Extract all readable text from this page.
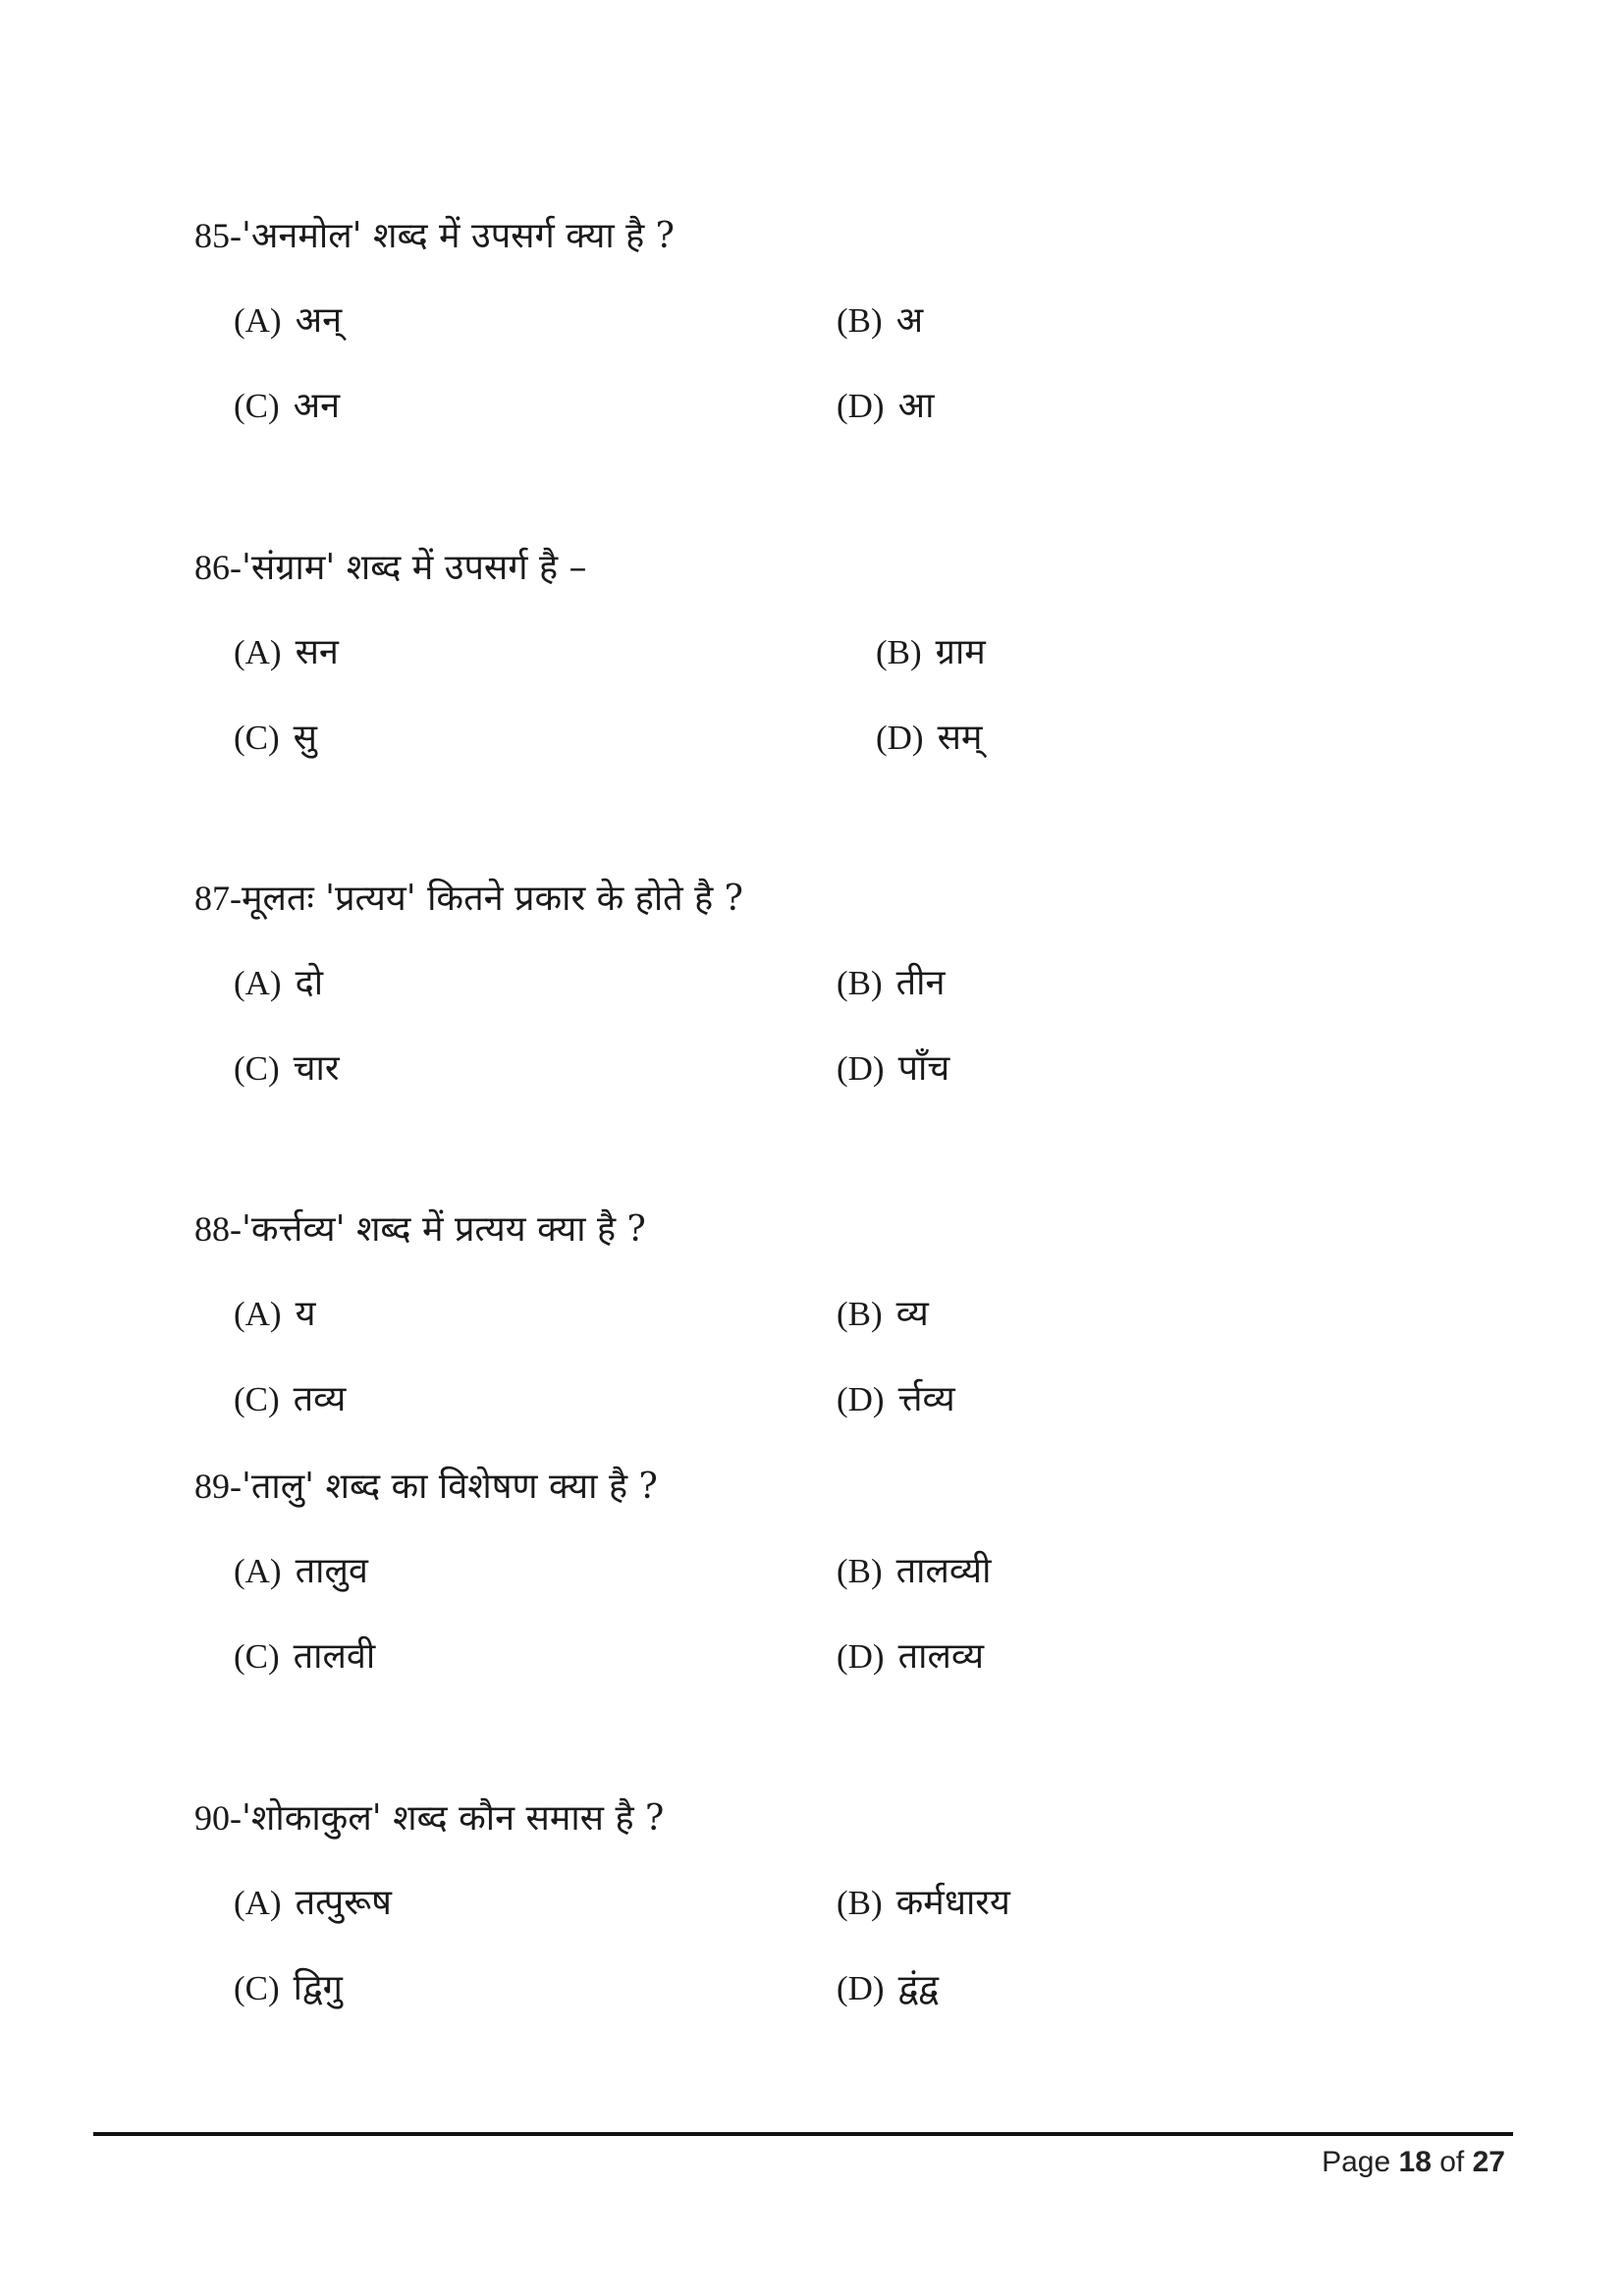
85-'अनमोल' शब्द में उपसर्ग क्या है ?
(A) अन्	(B) अ
(C) अन	(D) आ
86-'संग्राम' शब्द में उपसर्ग है –
(A) सन	(B) ग्राम
(C) सु	(D) सम्
87-मूलतः 'प्रत्यय' कितने प्रकार के होते है ?
(A) दो	(B) तीन
(C) चार	(D) पाँच
88-'कर्त्तव्य' शब्द में प्रत्यय क्या है ?
(A) य	(B) व्य
(C) तव्य	(D) र्त्तव्य
89-'तालु' शब्द का विशेषण क्या है ?
(A) तालुव	(B) तालव्यी
(C) तालवी	(D) तालव्य
90-'शोकाकुल' शब्द कौन समास है ?
(A) तत्पुरूष	(B) कर्मधारय
(C) द्विगु	(D) द्वंद्व
Page 18 of 27
